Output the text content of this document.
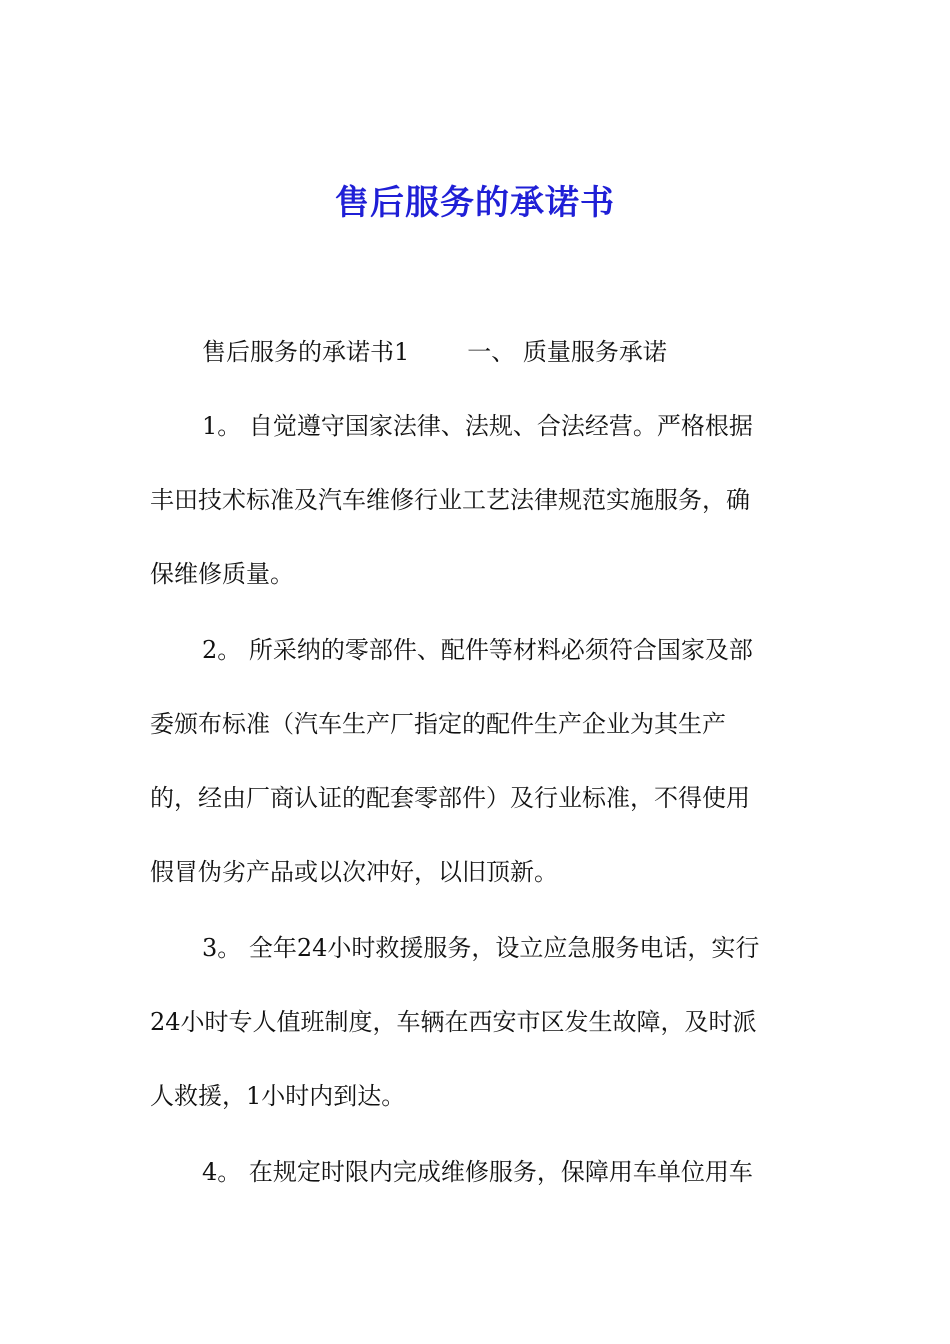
售后服务的承诺书
售后服务的承诺书1 一、 质量服务承诺
1。 自觉遵守国家法律、法规、合法经营。严格根据
丰田技术标准及汽车维修行业工艺法律规范实施服务，确
保维修质量。
2。 所采纳的零部件、配件等材料必须符合国家及部
委颁布标准（汽车生产厂指定的配件生产企业为其生产
的，经由厂商认证的配套零部件）及行业标准，不得使用
假冒伪劣产品或以次冲好，以旧顶新。
3。 全年24小时救援服务，设立应急服务电话，实行
24小时专人值班制度，车辆在西安市区发生故障，及时派
人救援，1小时内到达。
4。 在规定时限内完成维修服务，保障用车单位用车
